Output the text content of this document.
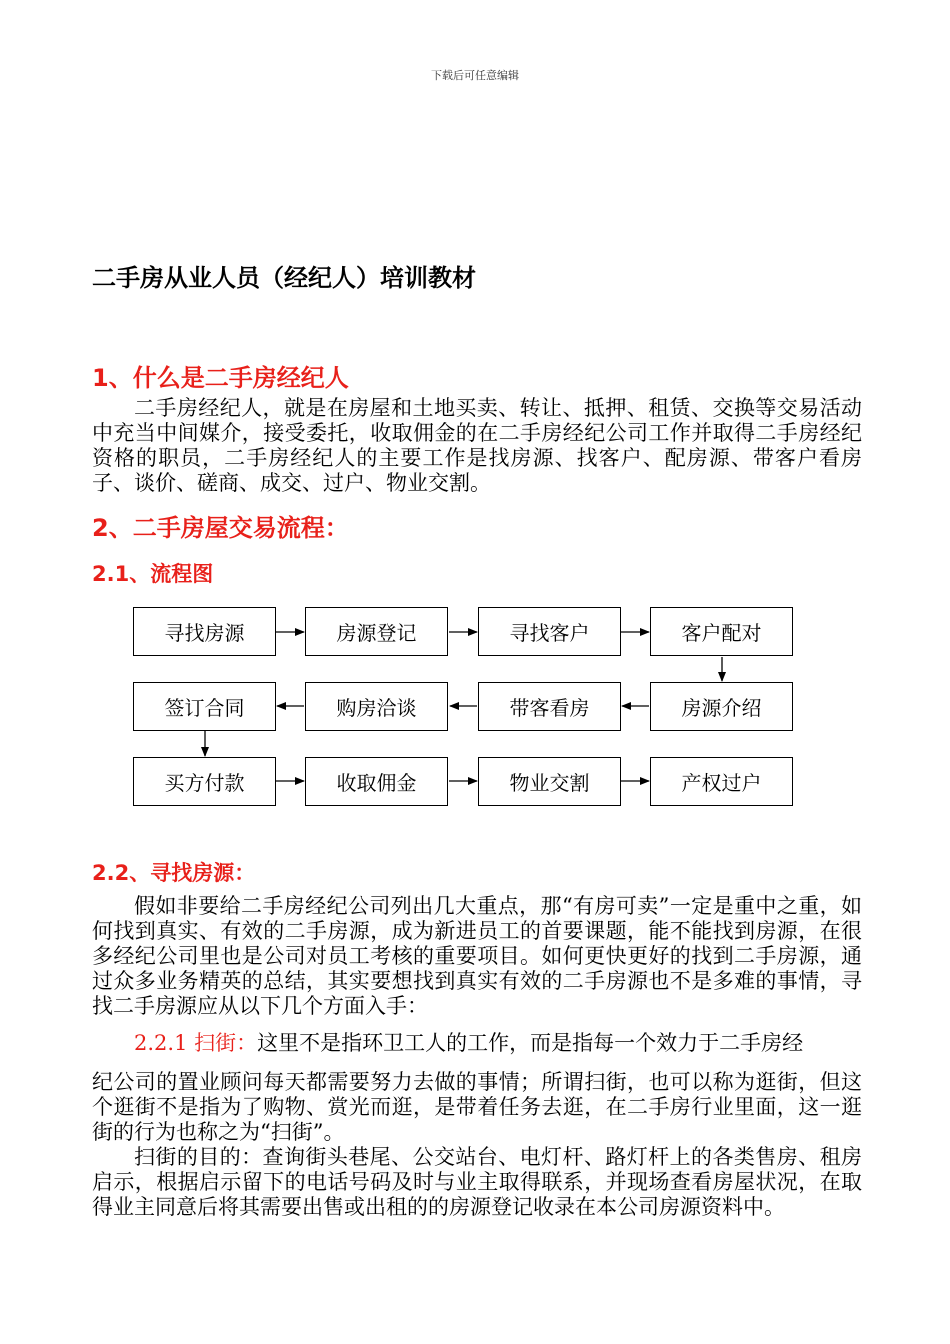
下载后可任意编辑
二手房从业人员（经纪人）培训教材
1、什么是二手房经纪人
二手房经纪人，就是在房屋和土地买卖、转让、抵押、租赁、交换等交易活动中充当中间媒介，接受委托，收取佣金的在二手房经纪公司工作并取得二手房经纪资格的职员，二手房经纪人的主要工作是找房源、找客户、配房源、带客户看房子、谈价、磋商、成交、过户、物业交割。
2、二手房屋交易流程：
2.1、流程图
寻找房源	房源登记	寻找客户	客户配对
签订合同	购房洽谈	带客看房	房源介绍
买方付款	收取佣金	物业交割	产权过户
2.2、寻找房源：
假如非要给二手房经纪公司列出几大重点，那“有房可卖”一定是重中之重，如何找到真实、有效的二手房源，成为新进员工的首要课题，能不能找到房源，在很多经纪公司里也是公司对员工考核的重要项目。如何更快更好的找到二手房源，通过众多业务精英的总结，其实要想找到真实有效的二手房源也不是多难的事情，寻找二手房源应从以下几个方面入手：
2.2.1 扫街：这里不是指环卫工人的工作，而是指每一个效力于二手房经
纪公司的置业顾问每天都需要努力去做的事情；所谓扫街，也可以称为逛街，但这个逛街不是指为了购物、赏光而逛，是带着任务去逛，在二手房行业里面，这一逛街的行为也称之为“扫街”。
扫街的目的：查询街头巷尾、公交站台、电灯杆、路灯杆上的各类售房、租房启示，根据启示留下的电话号码及时与业主取得联系，并现场查看房屋状况，在取得业主同意后将其需要出售或出租的的房源登记收录在本公司房源资料中。
